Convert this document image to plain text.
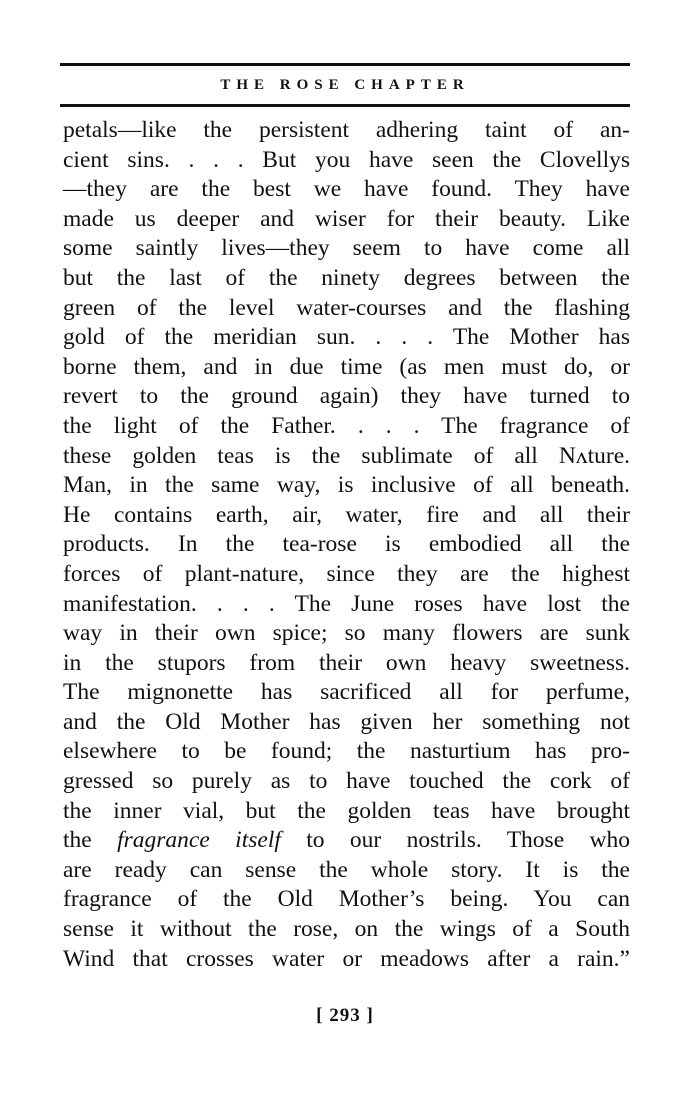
THE ROSE CHAPTER
petals—like the persistent adhering taint of an-
cient sins. . . . But you have seen the Clovellys
—they are the best we have found. They have
made us deeper and wiser for their beauty. Like
some saintly lives—they seem to have come all
but the last of the ninety degrees between the
green of the level water-courses and the flashing
gold of the meridian sun. . . . The Mother has
borne them, and in due time (as men must do, or
revert to the ground again) they have turned to
the light of the Father. . . . The fragrance of
these golden teas is the sublimate of all Nʌture.
Man, in the same way, is inclusive of all beneath.
He contains earth, air, water, fire and all their
products. In the tea-rose is embodied all the
forces of plant-nature, since they are the highest
manifestation. . . . The June roses have lost the
way in their own spice; so many flowers are sunk
in the stupors from their own heavy sweetness.
The mignonette has sacrificed all for perfume,
and the Old Mother has given her something not
elsewhere to be found; the nasturtium has pro-
gressed so purely as to have touched the cork of
the inner vial, but the golden teas have brought
the fragrance itself to our nostrils. Those who
are ready can sense the whole story. It is the
fragrance of the Old Mother’s being. You can
sense it without the rose, on the wings of a South
Wind that crosses water or meadows after a rain.”
[ 293 ]
